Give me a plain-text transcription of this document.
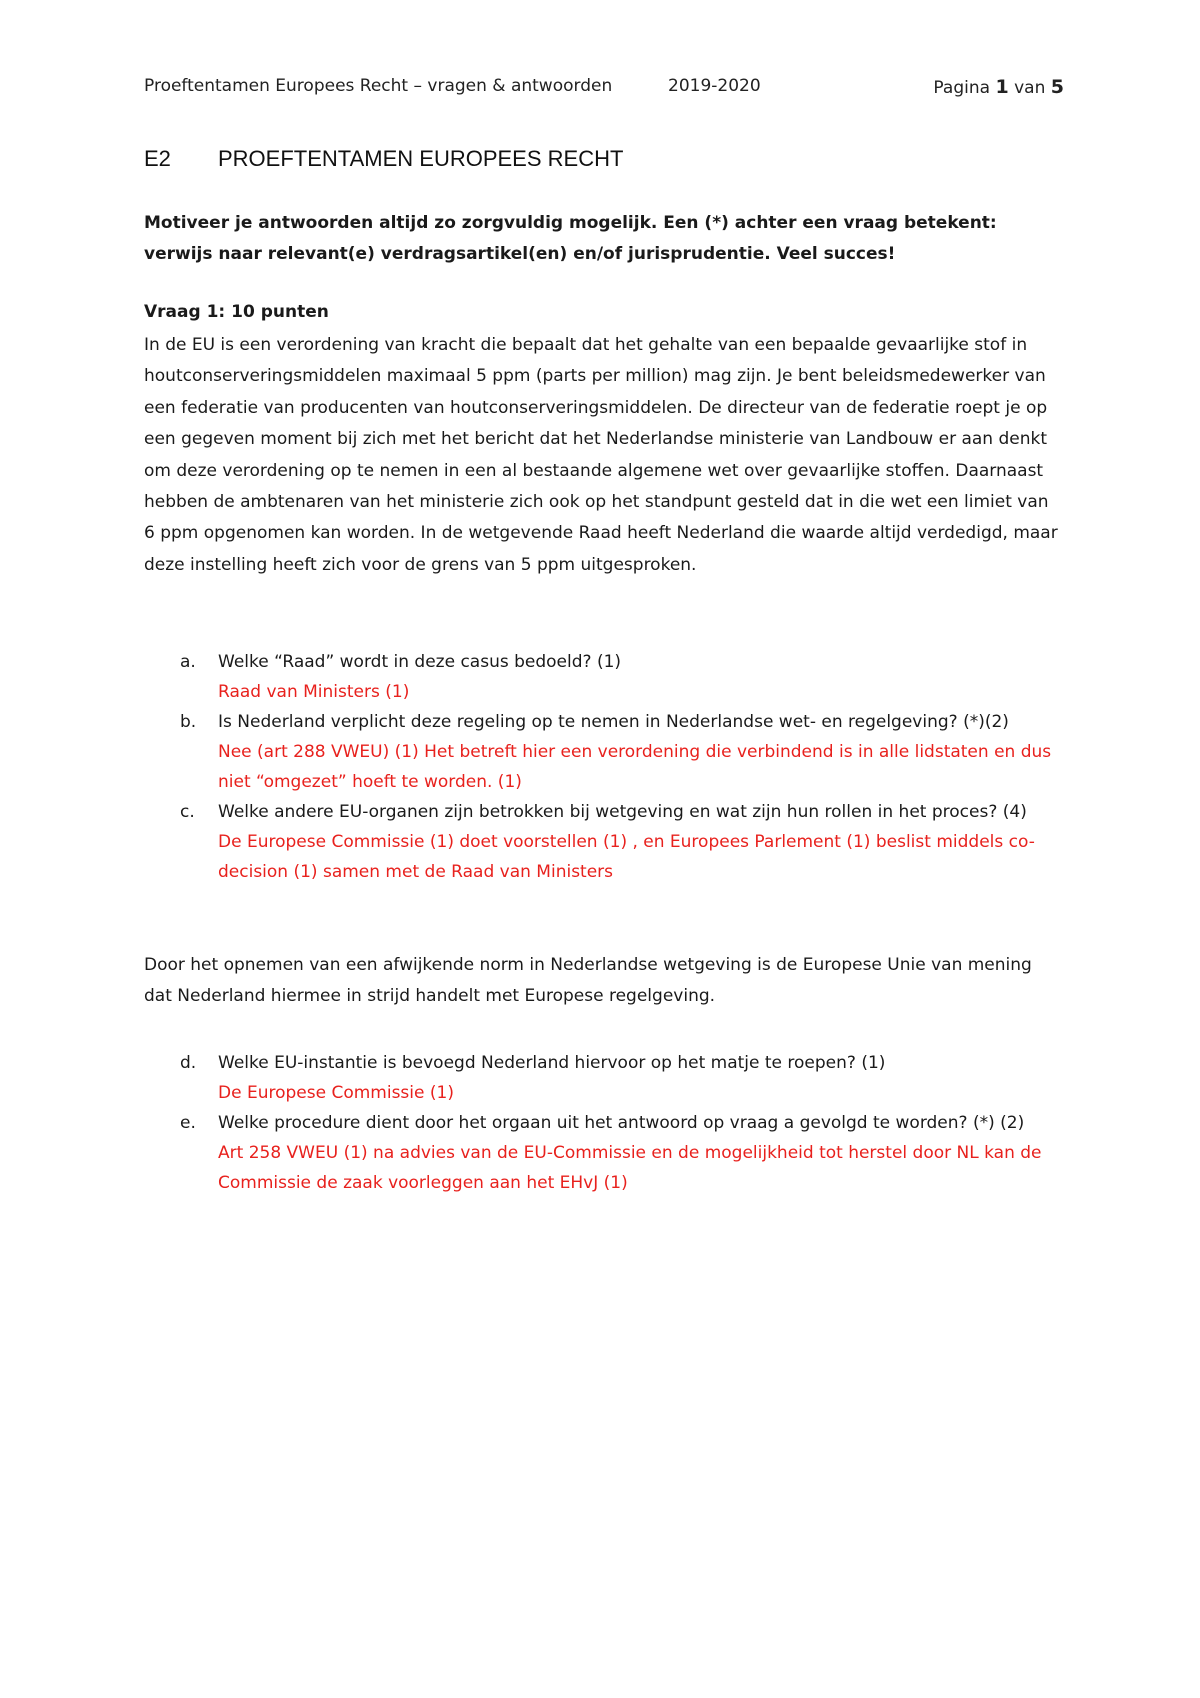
Proeftentamen Europees Recht – vragen & antwoorden	2019-2020	Pagina 1 van 5
E2 PROEFTENTAMEN EUROPEES RECHT
Motiveer je antwoorden altijd zo zorgvuldig mogelijk. Een (*) achter een vraag betekent: verwijs naar relevant(e) verdragsartikel(en) en/of jurisprudentie. Veel succes!
Vraag 1: 10 punten
In de EU is een verordening van kracht die bepaalt dat het gehalte van een bepaalde gevaarlijke stof in houtconserveringsmiddelen maximaal 5 ppm (parts per million) mag zijn. Je bent beleidsmedewerker van een federatie van producenten van houtconserveringsmiddelen. De directeur van de federatie roept je op een gegeven moment bij zich met het bericht dat het Nederlandse ministerie van Landbouw er aan denkt om deze verordening op te nemen in een al bestaande algemene wet over gevaarlijke stoffen. Daarnaast hebben de ambtenaren van het ministerie zich ook op het standpunt gesteld dat in die wet een limiet van 6 ppm opgenomen kan worden. In de wetgevende Raad heeft Nederland die waarde altijd verdedigd, maar deze instelling heeft zich voor de grens van 5 ppm uitgesproken.
a. Welke “Raad” wordt in deze casus bedoeld? (1)
Raad van Ministers (1)
b. Is Nederland verplicht deze regeling op te nemen in Nederlandse wet- en regelgeving? (*)(2)
Nee (art 288 VWEU) (1) Het betreft hier een verordening die verbindend is in alle lidstaten en dus niet “omgezet” hoeft te worden. (1)
c. Welke andere EU-organen zijn betrokken bij wetgeving en wat zijn hun rollen in het proces? (4)
De Europese Commissie (1) doet voorstellen (1) , en Europees Parlement (1) beslist middels co-decision (1) samen met de Raad van Ministers
Door het opnemen van een afwijkende norm in Nederlandse wetgeving is de Europese Unie van mening dat Nederland hiermee in strijd handelt met Europese regelgeving.
d. Welke EU-instantie is bevoegd Nederland hiervoor op het matje te roepen? (1)
De Europese Commissie (1)
e. Welke procedure dient door het orgaan uit het antwoord op vraag a gevolgd te worden? (*) (2)
Art 258 VWEU (1) na advies van de EU-Commissie en de mogelijkheid tot herstel door NL kan de Commissie de zaak voorleggen aan het EHvJ (1)
